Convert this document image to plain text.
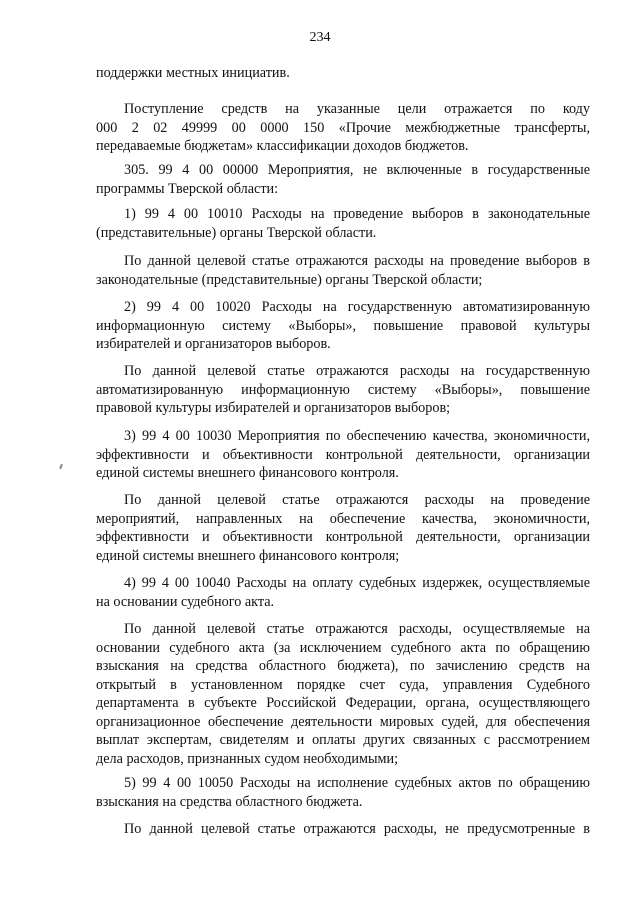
234
поддержки местных инициатив.
Поступление средств на указанные цели отражается по коду
000 2 02 49999 00 0000 150 «Прочие межбюджетные трансферты,
передаваемые бюджетам» классификации доходов бюджетов.
305. 99 4 00 00000 Мероприятия, не включенные в государственные
программы Тверской области:
1) 99 4 00 10010 Расходы на проведение выборов в законодательные
(представительные) органы Тверской области.
По данной целевой статье отражаются расходы на проведение выборов в
законодательные (представительные) органы Тверской области;
2) 99 4 00 10020 Расходы на государственную автоматизированную
информационную систему «Выборы», повышение правовой культуры
избирателей и организаторов выборов.
По данной целевой статье отражаются расходы на государственную
автоматизированную информационную систему «Выборы», повышение
правовой культуры избирателей и организаторов выборов;
3) 99 4 00 10030 Мероприятия по обеспечению качества, экономичности,
эффективности и объективности контрольной деятельности, организации
единой системы внешнего финансового контроля.
По данной целевой статье отражаются расходы на проведение
мероприятий, направленных на обеспечение качества, экономичности,
эффективности и объективности контрольной деятельности, организации
единой системы внешнего финансового контроля;
4) 99 4 00 10040 Расходы на оплату судебных издержек, осуществляемые
на основании судебного акта.
По данной целевой статье отражаются расходы, осуществляемые на
основании судебного акта (за исключением судебного акта по обращению
взыскания на средства областного бюджета), по зачислению средств на
открытый в установленном порядке счет суда, управления Судебного
департамента в субъекте Российской Федерации, органа, осуществляющего
организационное обеспечение деятельности мировых судей, для обеспечения
выплат экспертам, свидетелям и оплаты других связанных с рассмотрением
дела расходов, признанных судом необходимыми;
5) 99 4 00 10050 Расходы на исполнение судебных актов по обращению
взыскания на средства областного бюджета.
По данной целевой статье отражаются расходы, не предусмотренные в
